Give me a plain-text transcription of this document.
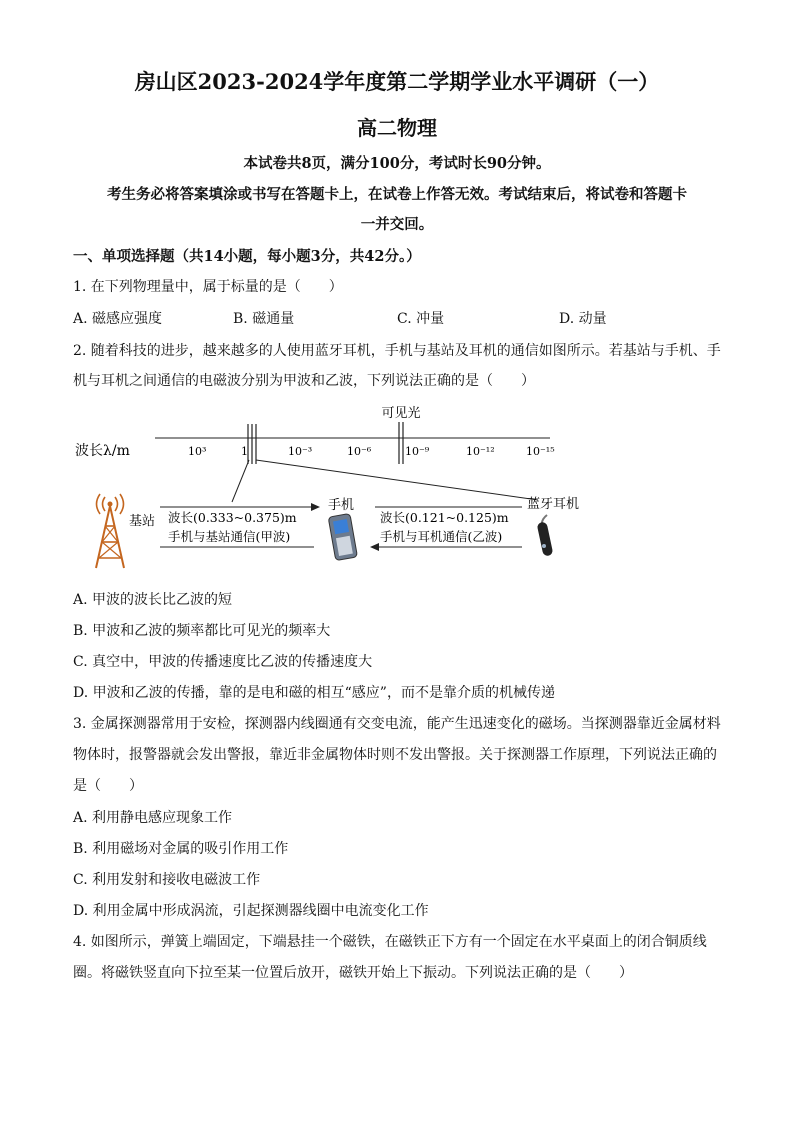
房山区2023-2024学年度第二学期学业水平调研（一）
高二物理
本试卷共8页，满分100分，考试时长90分钟。
考生务必将答案填涂或书写在答题卡上，在试卷上作答无效。考试结束后，将试卷和答题卡
一并交回。
一、单项选择题（共14小题，每小题3分，共42分。）
1. 在下列物理量中，属于标量的是（　　）
A. 磁感应强度	B. 磁通量	C. 冲量	D. 动量
2. 随着科技的进步，越来越多的人使用蓝牙耳机，手机与基站及耳机的通信如图所示。若基站与手机、手
机与耳机之间通信的电磁波分别为甲波和乙波，下列说法正确的是（　　）
可见光
波长λ/m	10³	1	10⁻³	10⁻⁶	10⁻⁹	10⁻¹²	10⁻¹⁵
基站 波长(0.333~0.375)m
手机与基站通信(甲波)
手机
波长(0.121~0.125)m
手机与耳机通信(乙波)
蓝牙耳机
A. 甲波的波长比乙波的短
B. 甲波和乙波的频率都比可见光的频率大
C. 真空中，甲波的传播速度比乙波的传播速度大
D. 甲波和乙波的传播，靠的是电和磁的相互“感应”，而不是靠介质的机械传递
3. 金属探测器常用于安检，探测器内线圈通有交变电流，能产生迅速变化的磁场。当探测器靠近金属材料
物体时，报警器就会发出警报，靠近非金属物体时则不发出警报。关于探测器工作原理，下列说法正确的
是（　　）
A. 利用静电感应现象工作
B. 利用磁场对金属的吸引作用工作
C. 利用发射和接收电磁波工作
D. 利用金属中形成涡流，引起探测器线圈中电流变化工作
4. 如图所示，弹簧上端固定，下端悬挂一个磁铁，在磁铁正下方有一个固定在水平桌面上的闭合铜质线
圈。将磁铁竖直向下拉至某一位置后放开，磁铁开始上下振动。下列说法正确的是（　　）
